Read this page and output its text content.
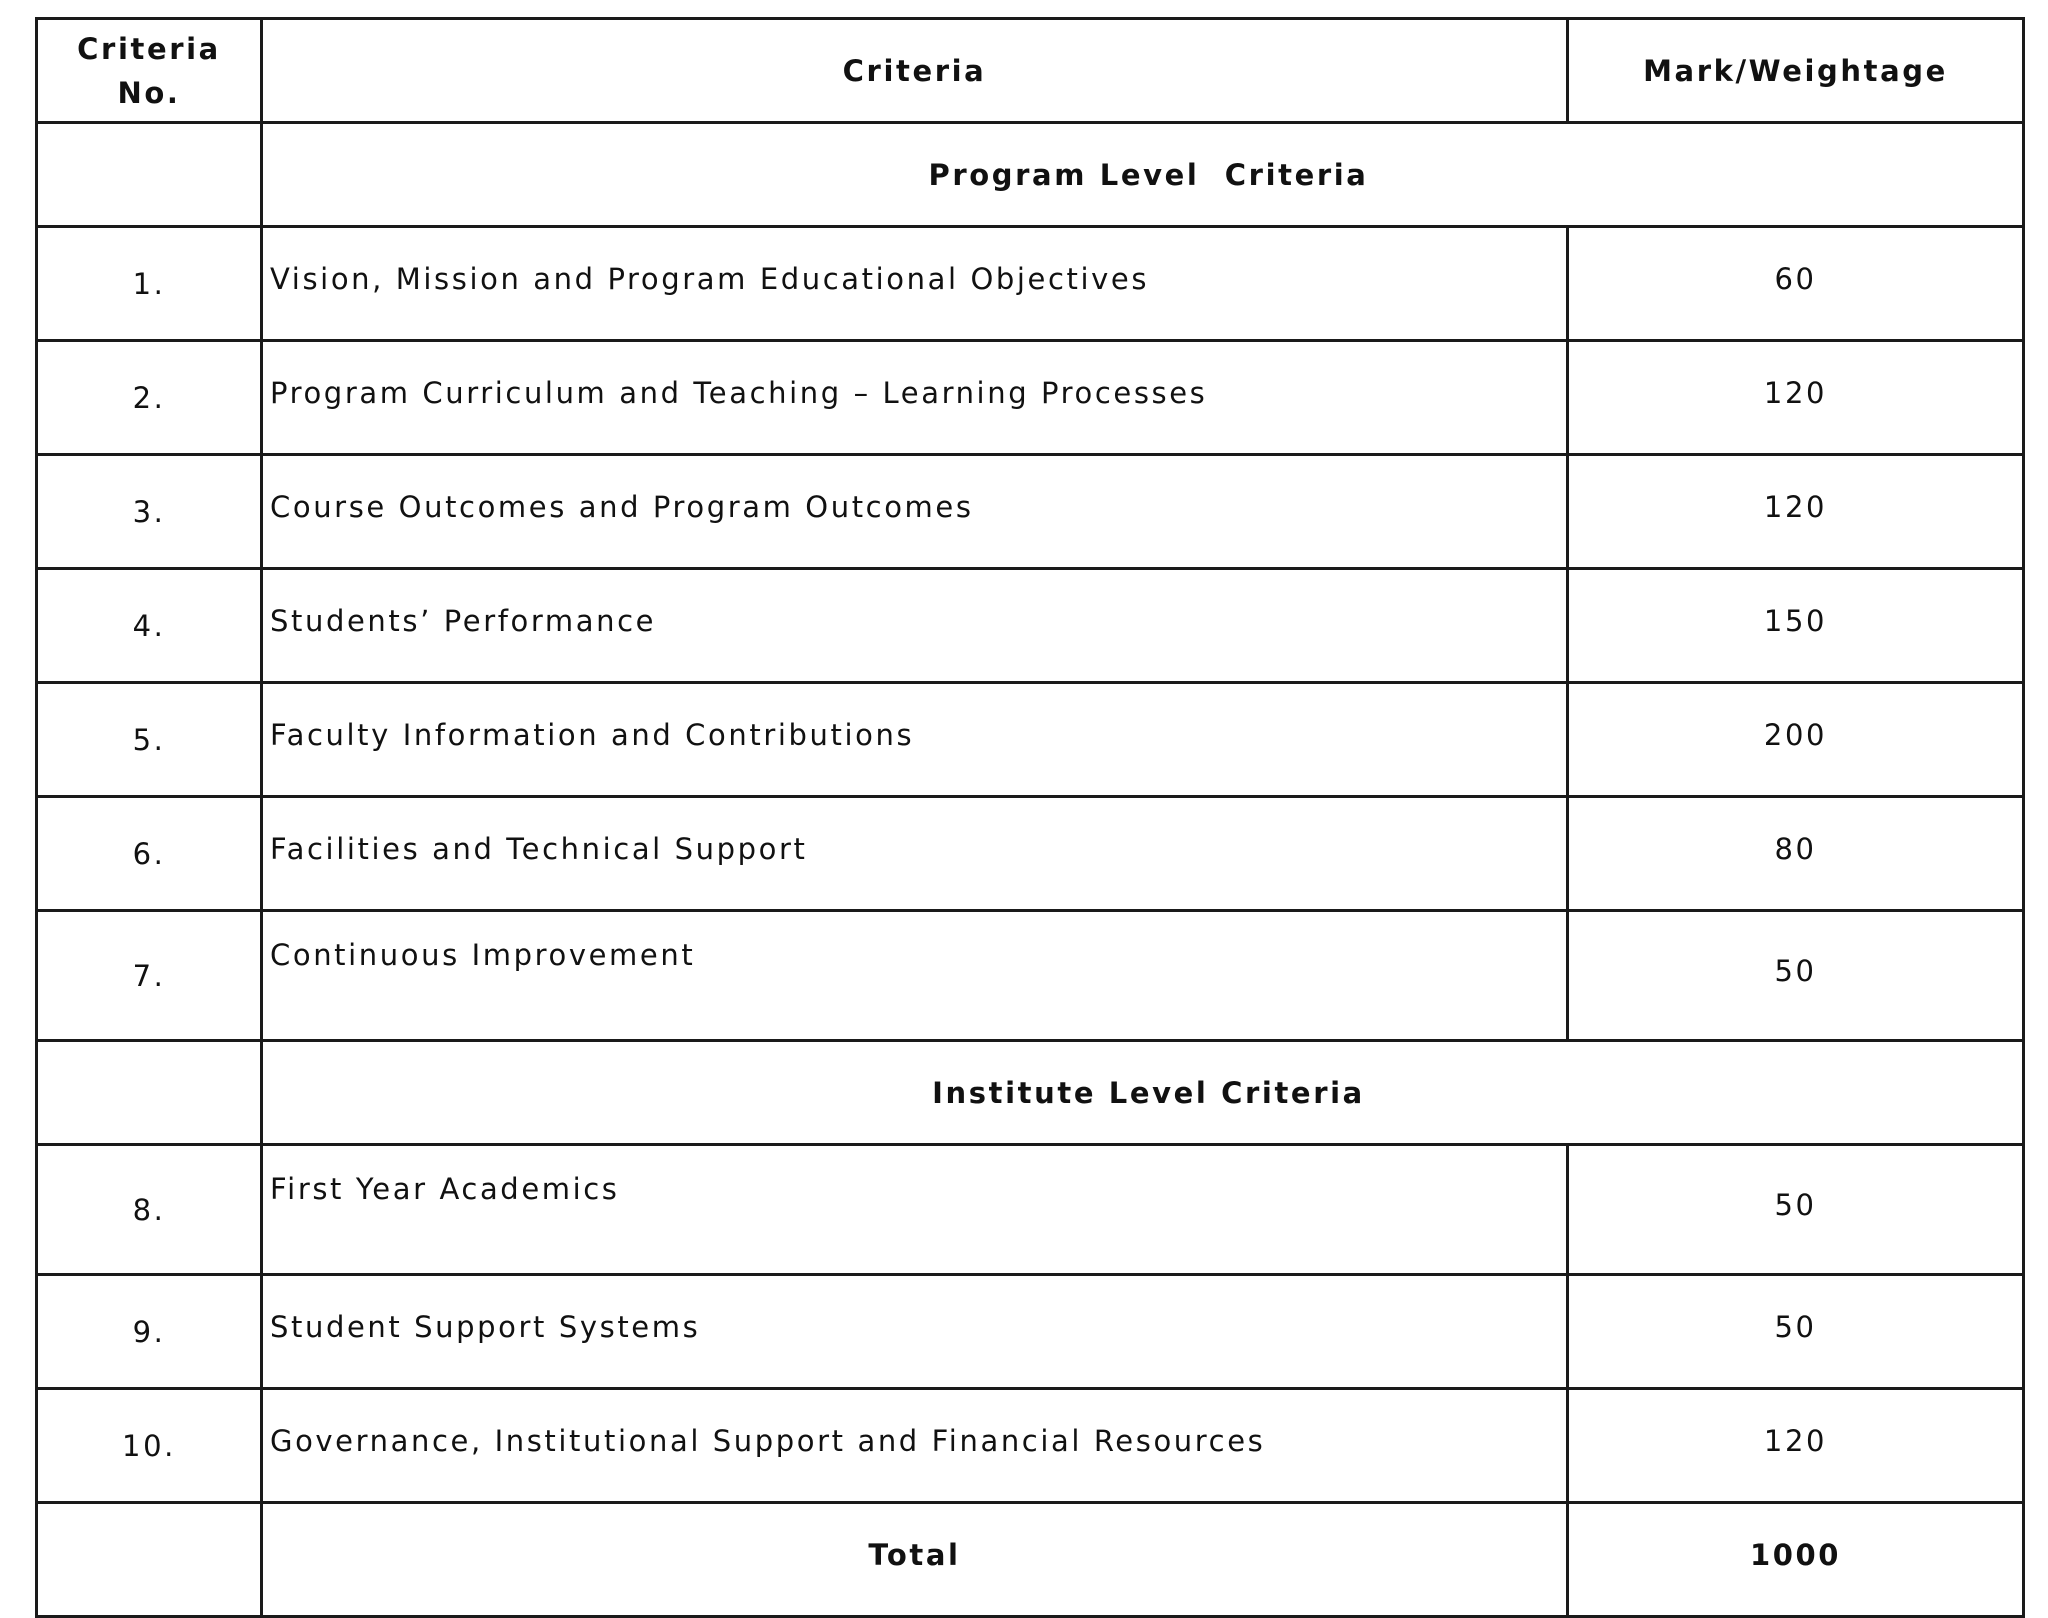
Criteria No.	Criteria	Mark/Weightage
	Program Level  Criteria	
1.	Vision, Mission and Program Educational Objectives	60
2.	Program Curriculum and Teaching – Learning Processes	120
3.	Course Outcomes and Program Outcomes	120
4.	Students’ Performance	150
5.	Faculty Information and Contributions	200
6.	Facilities and Technical Support	80
7.	Continuous Improvement	50
	Institute Level Criteria	
8.	First Year Academics	50
9.	Student Support Systems	50
10.	Governance, Institutional Support and Financial Resources	120
	Total	1000
